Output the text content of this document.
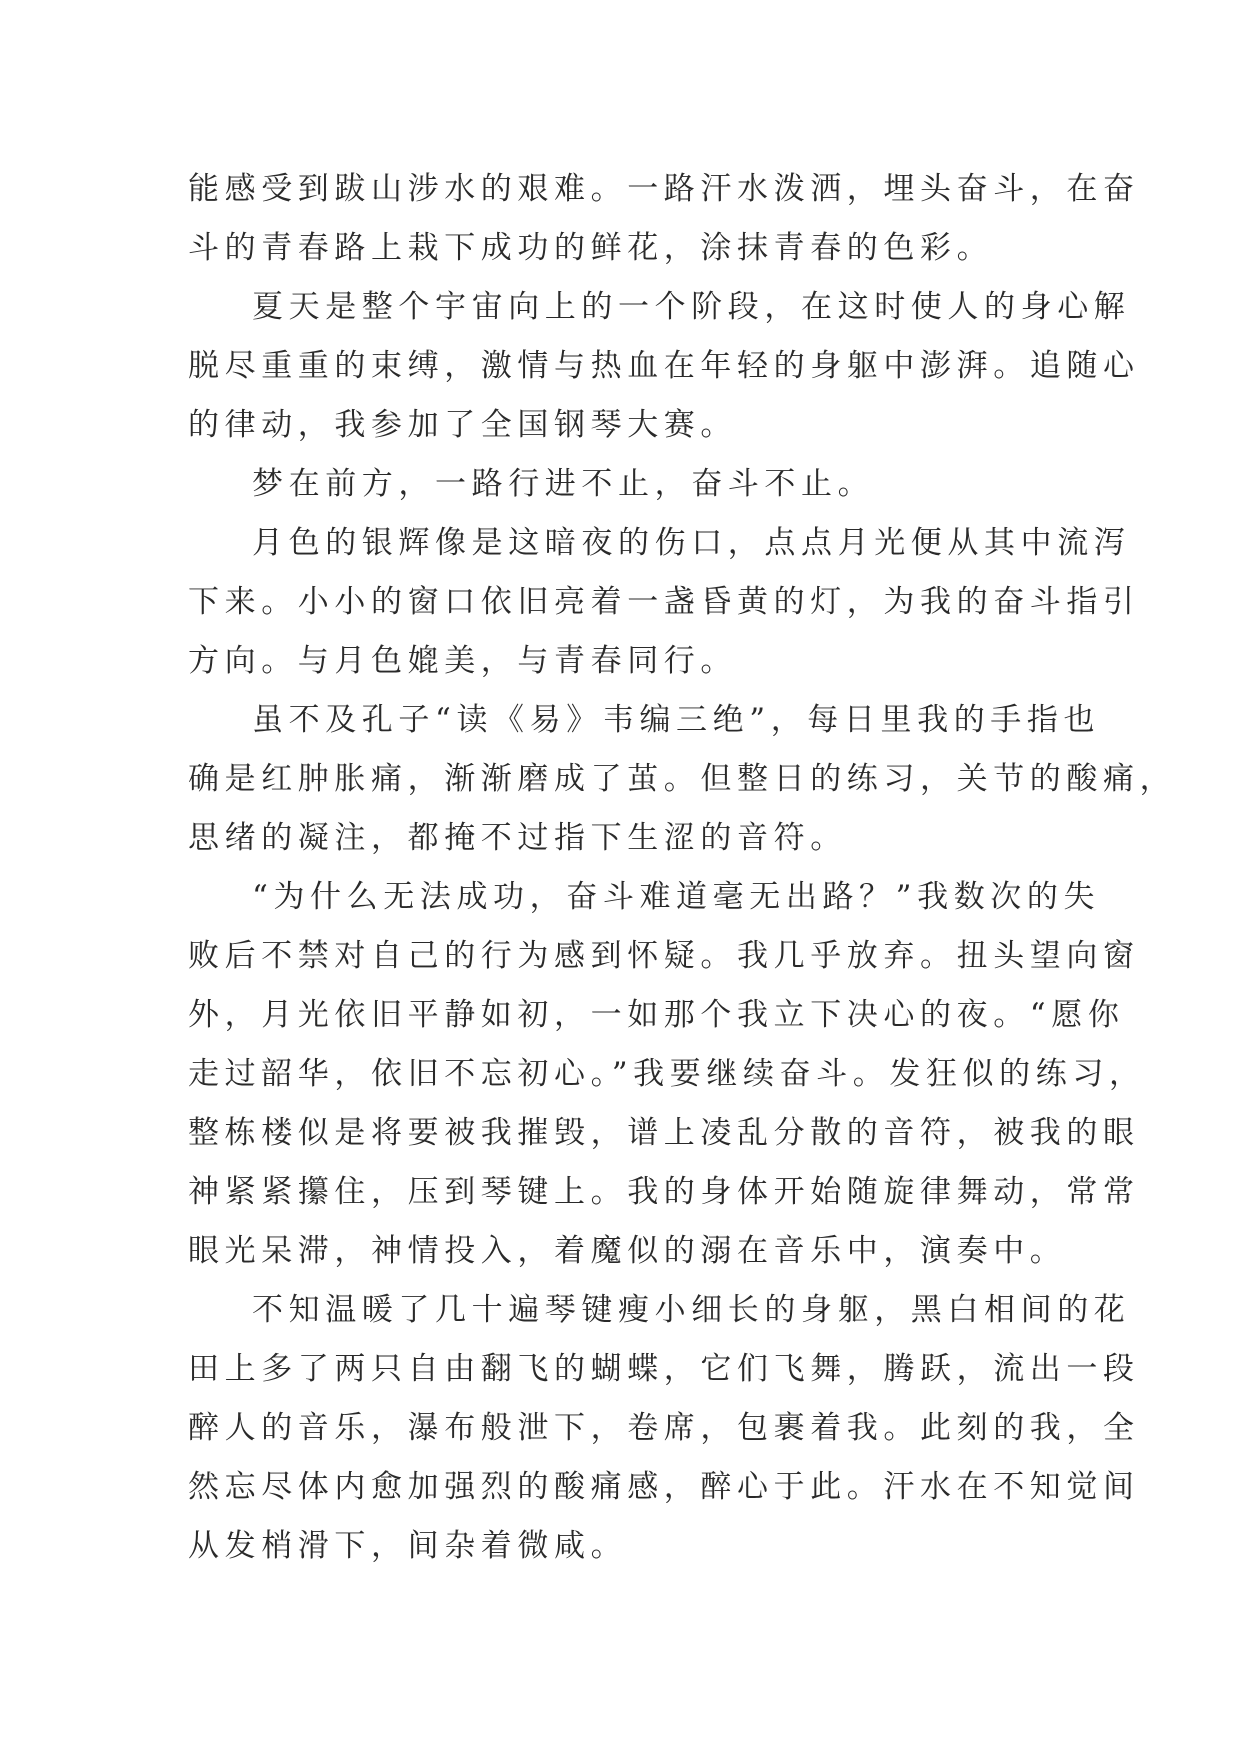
能感受到跋山涉水的艰难。一路汗水泼洒，埋头奋斗，在奋
斗的青春路上栽下成功的鲜花，涂抹青春的色彩。
夏天是整个宇宙向上的一个阶段，在这时使人的身心解
脱尽重重的束缚，激情与热血在年轻的身躯中澎湃。追随心
的律动，我参加了全国钢琴大赛。
梦在前方，一路行进不止，奋斗不止。
月色的银辉像是这暗夜的伤口，点点月光便从其中流泻
下来。小小的窗口依旧亮着一盏昏黄的灯，为我的奋斗指引
方向。与月色媲美，与青春同行。
虽不及孔子“读《易》韦编三绝”，每日里我的手指也
确是红肿胀痛，渐渐磨成了茧。但整日的练习，关节的酸痛，
思绪的凝注，都掩不过指下生涩的音符。
“为什么无法成功，奋斗难道毫无出路？”我数次的失
败后不禁对自己的行为感到怀疑。我几乎放弃。扭头望向窗
外，月光依旧平静如初，一如那个我立下决心的夜。“愿你
走过韶华，依旧不忘初心。”我要继续奋斗。发狂似的练习，
整栋楼似是将要被我摧毁，谱上凌乱分散的音符，被我的眼
神紧紧攥住，压到琴键上。我的身体开始随旋律舞动，常常
眼光呆滞，神情投入，着魔似的溺在音乐中，演奏中。
不知温暖了几十遍琴键瘦小细长的身躯，黑白相间的花
田上多了两只自由翻飞的蝴蝶，它们飞舞，腾跃，流出一段
醉人的音乐，瀑布般泄下，卷席，包裹着我。此刻的我，全
然忘尽体内愈加强烈的酸痛感，醉心于此。汗水在不知觉间
从发梢滑下，间杂着微咸。
